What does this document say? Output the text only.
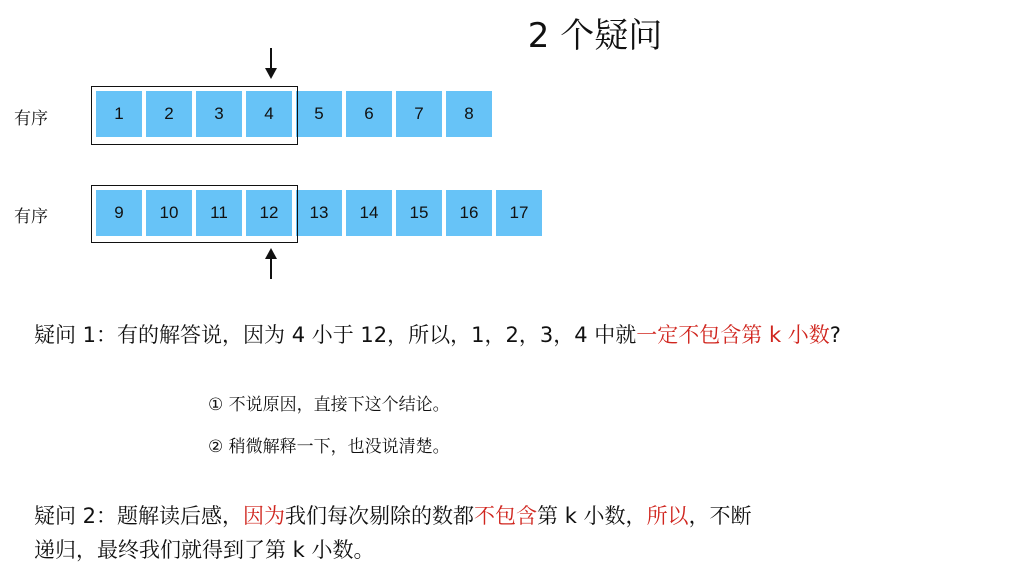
2 个疑问
有序	1	2	3	4	5	6	7	8
有序	9	10	11	12	13	14	15	16	17
疑问 1：有的解答说，因为 4 小于 12，所以，1，2，3，4 中就一定不包含第 k 小数?
① 不说原因，直接下这个结论。
② 稍微解释一下，也没说清楚。
疑问 2：题解读后感，因为我们每次剔除的数都不包含第 k 小数，所以，不断
递归，最终我们就得到了第 k 小数。
